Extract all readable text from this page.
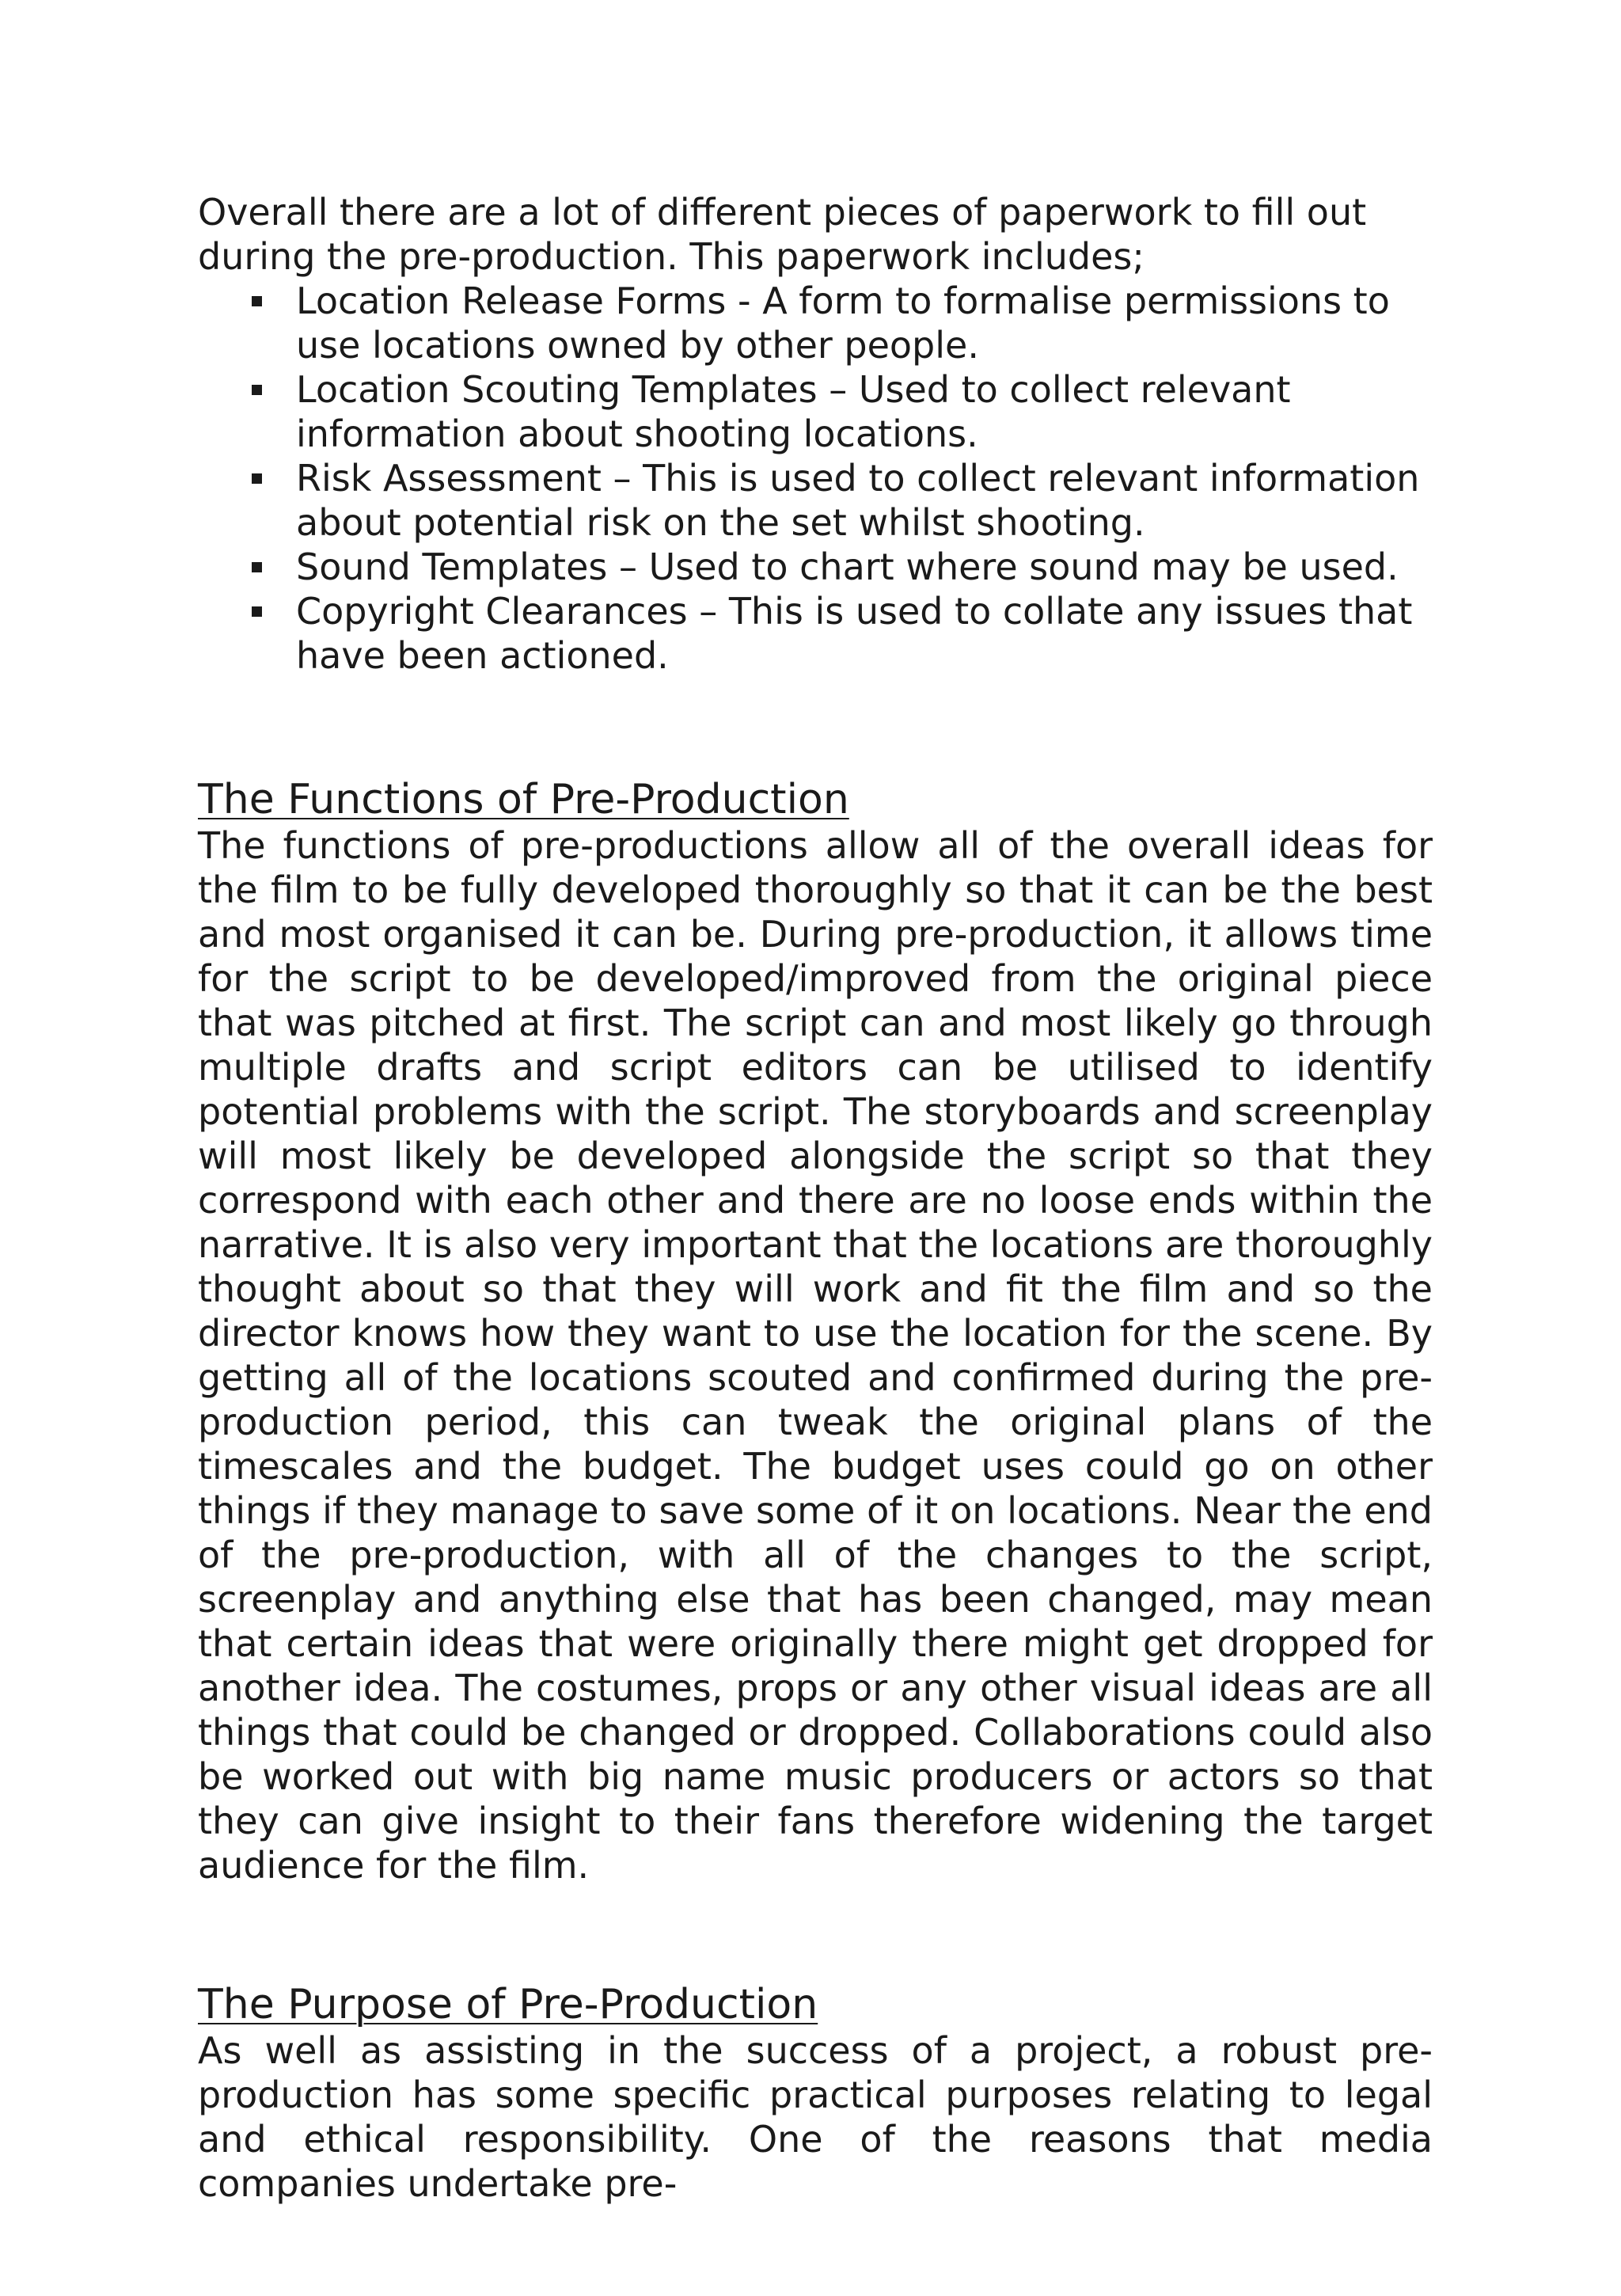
Overall there are a lot of different pieces of paperwork to fill out during the pre-production. This paperwork includes;

Location Release Forms - A form to formalise permissions to use locations owned by other people.
Location Scouting Templates – Used to collect relevant information about shooting locations.
Risk Assessment – This is used to collect relevant information about potential risk on the set whilst shooting.
Sound Templates – Used to chart where sound may be used.
Copyright Clearances – This is used to collate any issues that have been actioned.
The Functions of Pre-Production

The functions of pre-productions allow all of the overall ideas for the film to be fully developed thoroughly so that it can be the best and most organised it can be. During pre-production, it allows time for the script to be developed/improved from the original piece that was pitched at first. The script can and most likely go through multiple drafts and script editors can be utilised to identify potential problems with the script. The storyboards and screenplay will most likely be developed alongside the script so that they correspond with each other and there are no loose ends within the narrative. It is also very important that the locations are thoroughly thought about so that they will work and fit the film and so the director knows how they want to use the location for the scene. By getting all of the locations scouted and confirmed during the pre-production period, this can tweak the original plans of the timescales and the budget. The budget uses could go on other things if they manage to save some of it on locations. Near the end of the pre-production, with all of the changes to the script, screenplay and anything else that has been changed, may mean that certain ideas that were originally there might get dropped for another idea. The costumes, props or any other visual ideas are all things that could be changed or dropped. Collaborations could also be worked out with big name music producers or actors so that they can give insight to their fans therefore widening the target audience for the film.

The Purpose of Pre-Production

As well as assisting in the success of a project, a robust pre-production has some specific practical purposes relating to legal and ethical responsibility. One of the reasons that media companies undertake pre-
